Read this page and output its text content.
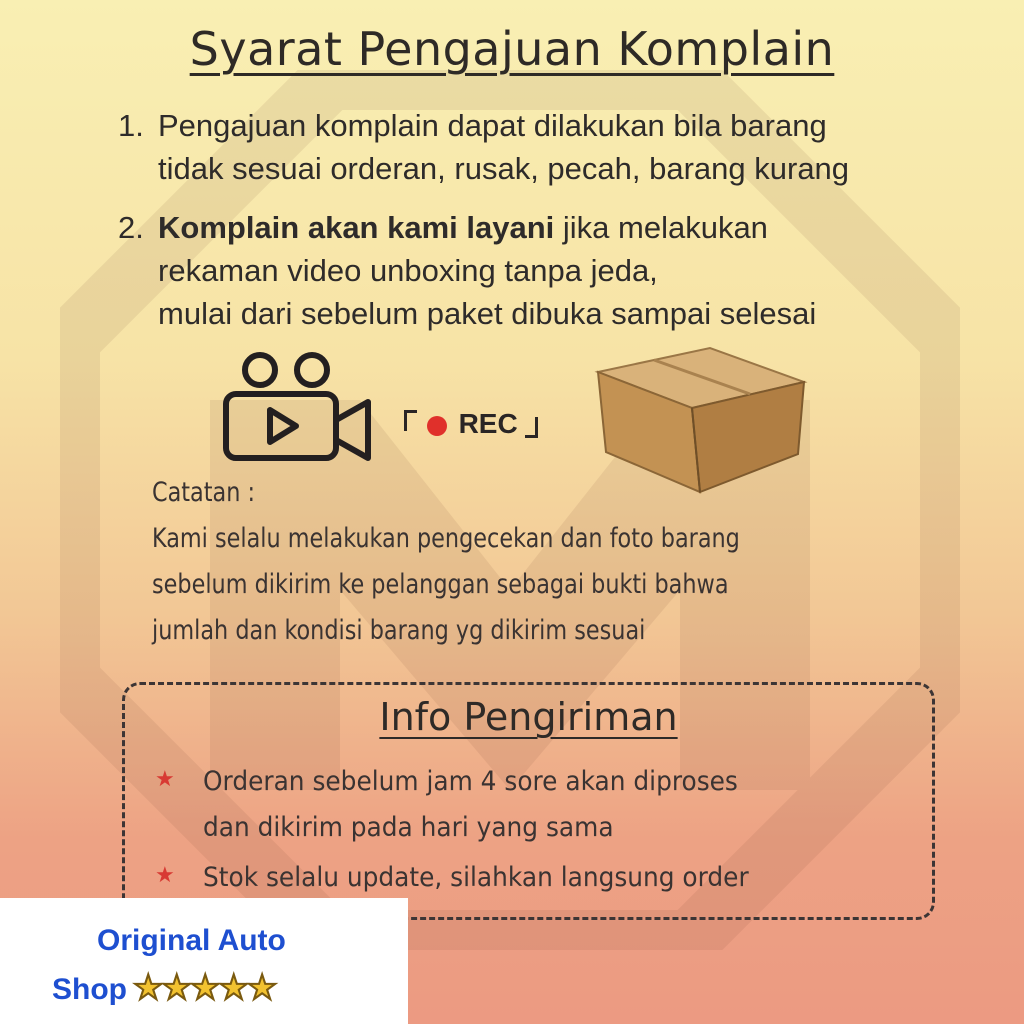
Syarat Pengajuan Komplain
1. Pengajuan komplain dapat dilakukan bila barang
tidak sesuai orderan, rusak, pecah, barang kurang
2. Komplain akan kami layani jika melakukan
rekaman video unboxing tanpa jeda,
mulai dari sebelum paket dibuka sampai selesai
REC
Catatan :
Kami selalu melakukan pengecekan dan foto barang
sebelum dikirim ke pelanggan sebagai bukti bahwa
jumlah dan kondisi barang yg dikirim sesuai
Info Pengiriman
★ Orderan sebelum jam 4 sore akan diproses
dan dikirim pada hari yang sama
★ Stok selalu update, silahkan langsung order
Original Auto
Shop ★★★★★
